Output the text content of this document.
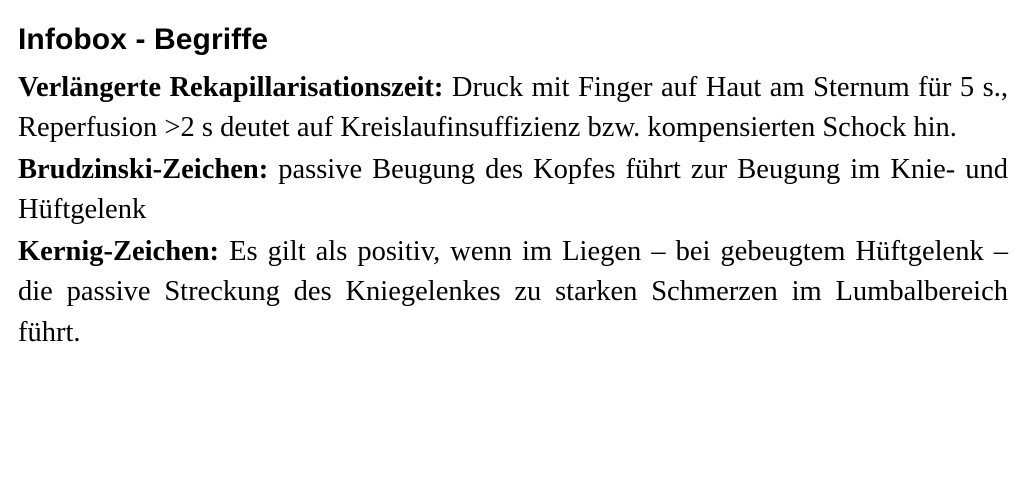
Infobox - Begriffe

Verlängerte Rekapillarisationszeit: Druck mit Finger auf Haut am Sternum für 5 s., Reperfusion >2 s deutet auf Kreislaufinsuffizienz bzw. kompensierten Schock hin.

Brudzinski-Zeichen: passive Beugung des Kopfes führt zur Beugung im Knie- und Hüftgelenk

Kernig-Zeichen: Es gilt als positiv, wenn im Liegen – bei gebeugtem Hüftgelenk – die passive Streckung des Kniegelenkes zu starken Schmerzen im Lumbalbereich führt.
